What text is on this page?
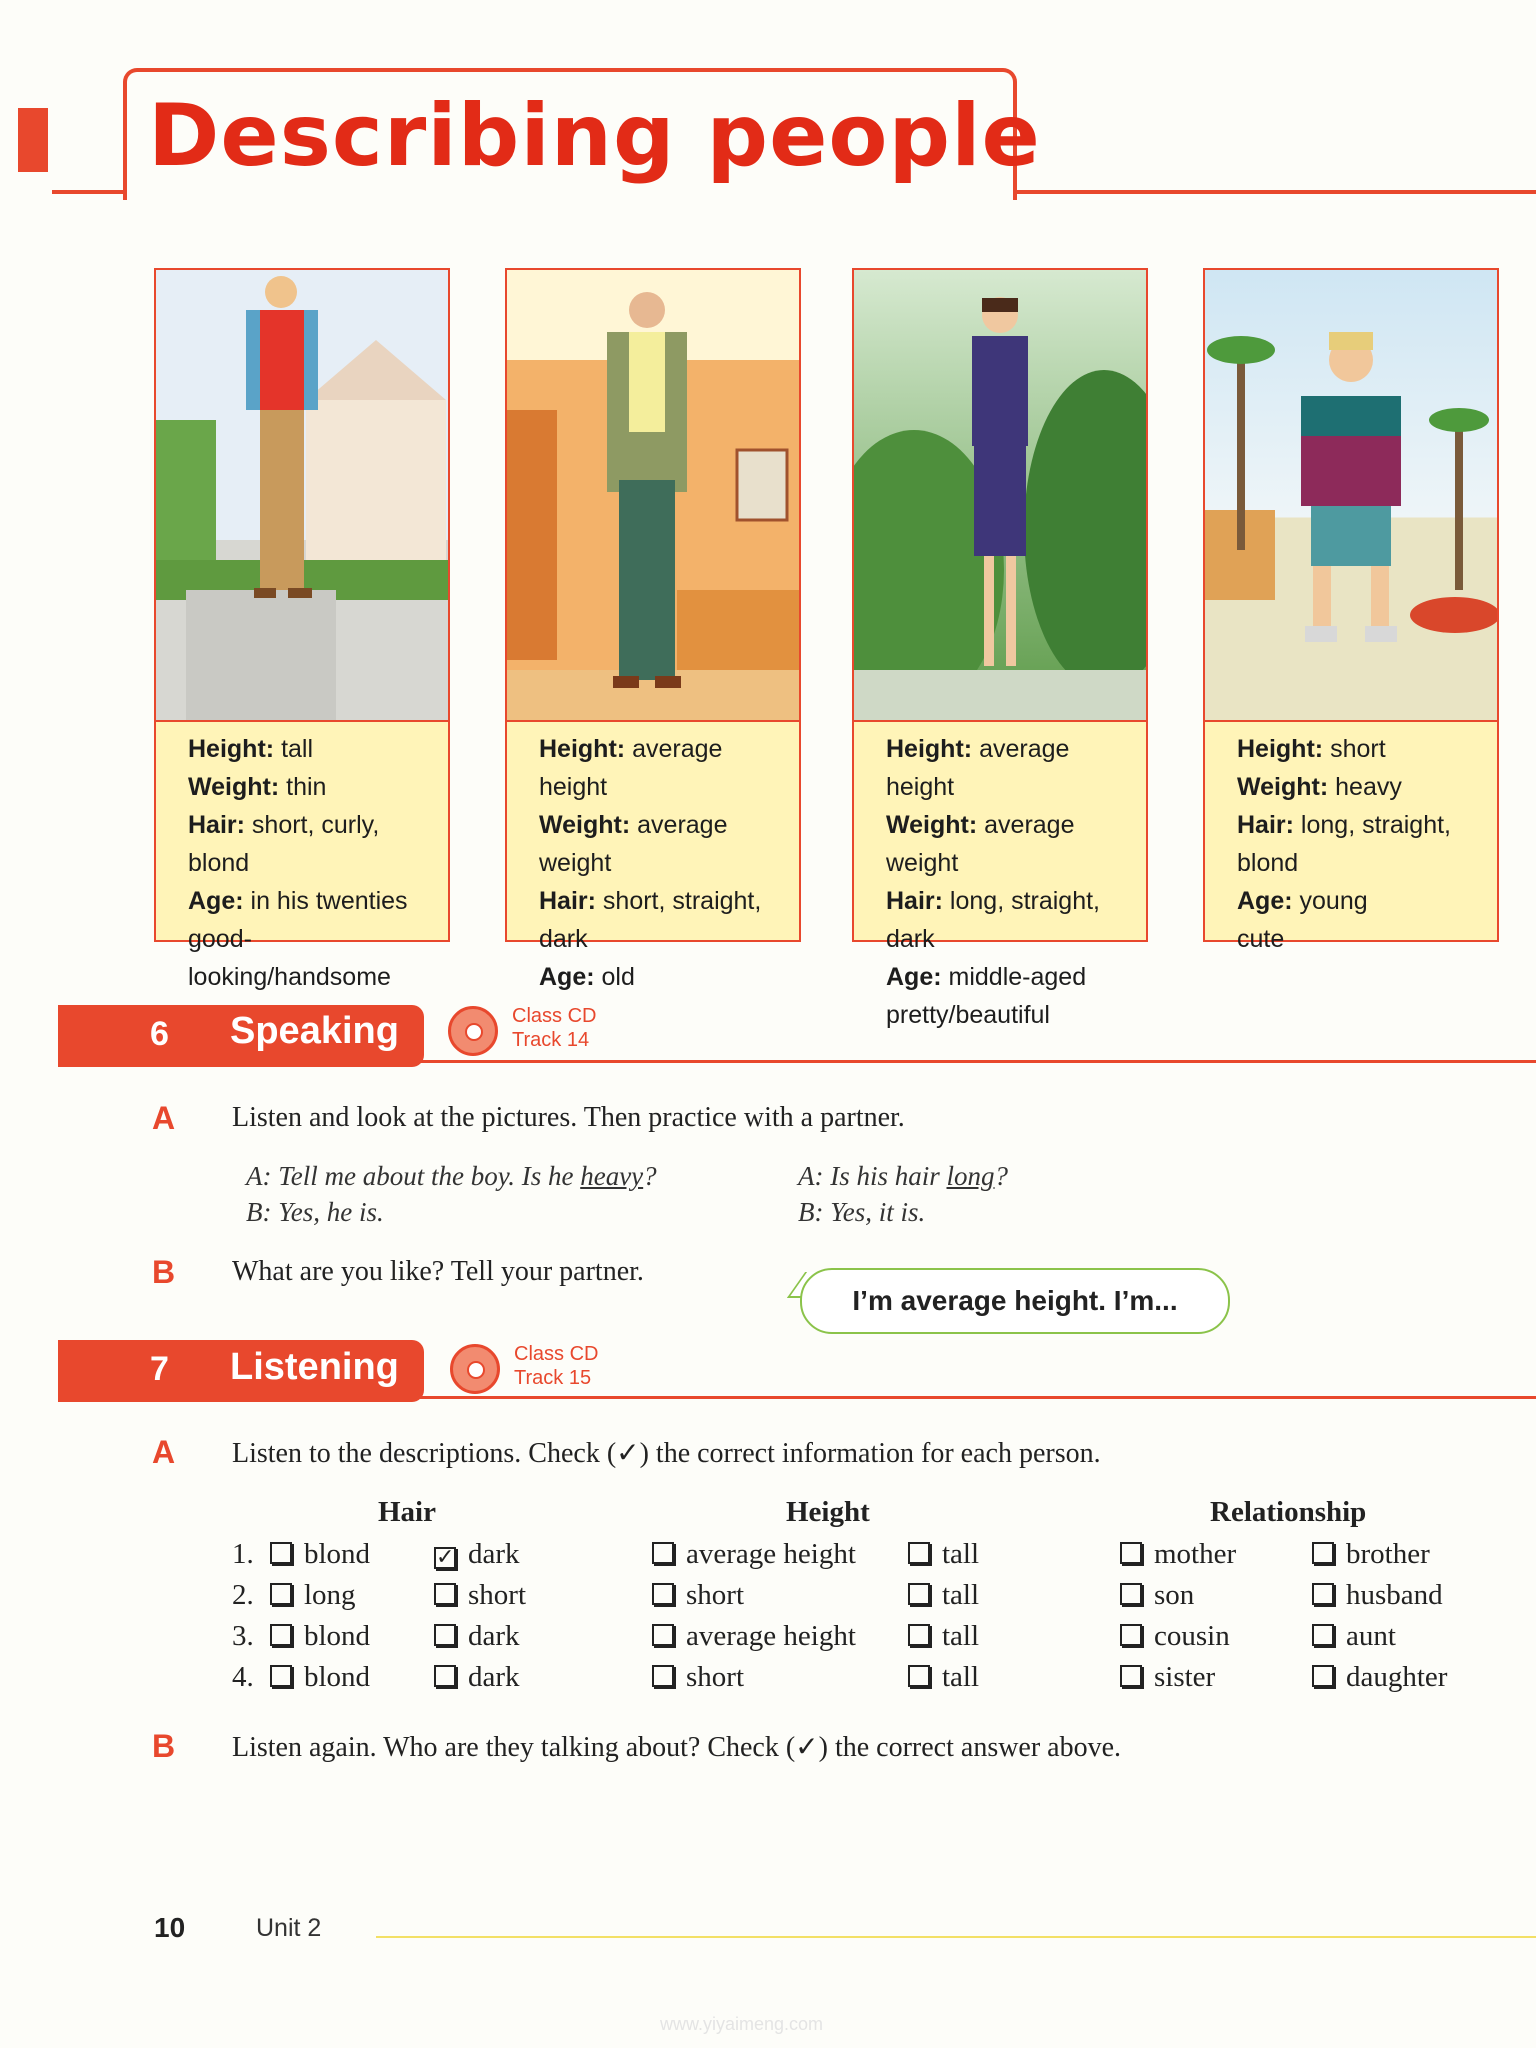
Describing people
Height: tall
Weight: thin
Hair: short, curly, blond
Age: in his twenties
good-looking/handsome
Height: average height
Weight: average weight
Hair: short, straight, dark
Age: old
Height: average height
Weight: average weight
Hair: long, straight, dark
Age: middle-aged
pretty/beautiful
Height: short
Weight: heavy
Hair: long, straight, blond
Age: young
cute
6 Speaking	Class CD
Track 14
A Listen and look at the pictures. Then practice with a partner.
A: Tell me about the boy. Is he heavy?
B: Yes, he is.
A: Is his hair long?
B: Yes, it is.
B What are you like? Tell your partner.
I’m average height. I’m...
7 Listening	Class CD
Track 15
A Listen to the descriptions. Check (✓) the correct information for each person.
Hair	Height	Relationship
1.	blond	✓ dark	average height	tall	mother	brother
2.	long	short	short	tall	son	husband
3.	blond	dark	average height	tall	cousin	aunt
4.	blond	dark	short	tall	sister	daughter
B Listen again. Who are they talking about? Check (✓) the correct answer above.
10	Unit 2
www.yiyaimeng.com
